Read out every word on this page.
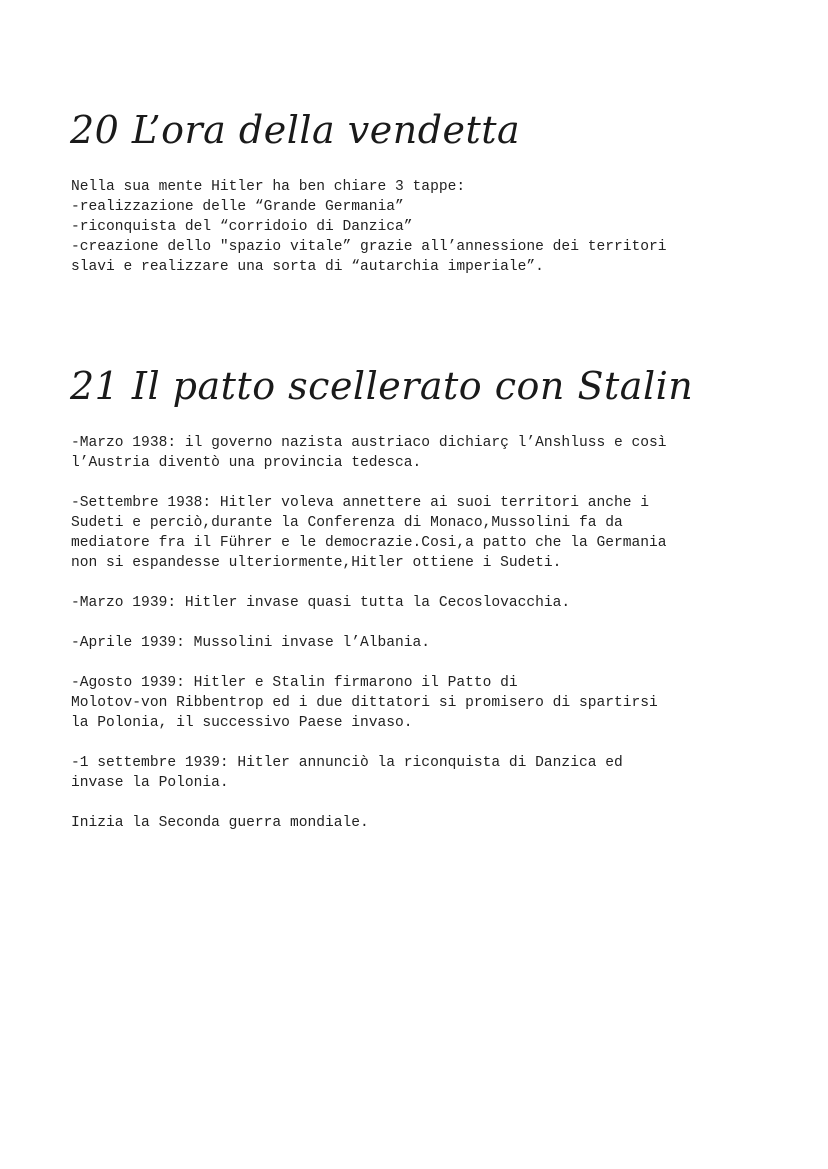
20 L’ora della vendetta

Nella sua mente Hitler ha ben chiare 3 tappe:

-realizzazione delle “Grande Germania”

-riconquista del “corridoio di Danzica”

-creazione dello "spazio vitale” grazie all’annessione dei territori
slavi e realizzare una sorta di “autarchia imperiale”.

21 Il patto scellerato con Stalin

-Marzo 1938: il governo nazista austriaco dichiarç l’Anshluss e così
l’Austria diventò una provincia tedesca.

-Settembre 1938: Hitler voleva annettere ai suoi territori anche i
Sudeti e perciò,durante la Conferenza di Monaco,Mussolini fa da
mediatore fra il Führer e le democrazie.Cosi,a patto che la Germania
non si espandesse ulteriormente,Hitler ottiene i Sudeti.

-Marzo 1939: Hitler invase quasi tutta la Cecoslovacchia.

-Aprile 1939: Mussolini invase l’Albania.

-Agosto 1939: Hitler e Stalin firmarono il Patto di
Molotov-von Ribbentrop ed i due dittatori si promisero di spartirsi
la Polonia, il successivo Paese invaso.

-1 settembre 1939: Hitler annunciò la riconquista di Danzica ed
invase la Polonia.

Inizia la Seconda guerra mondiale.
